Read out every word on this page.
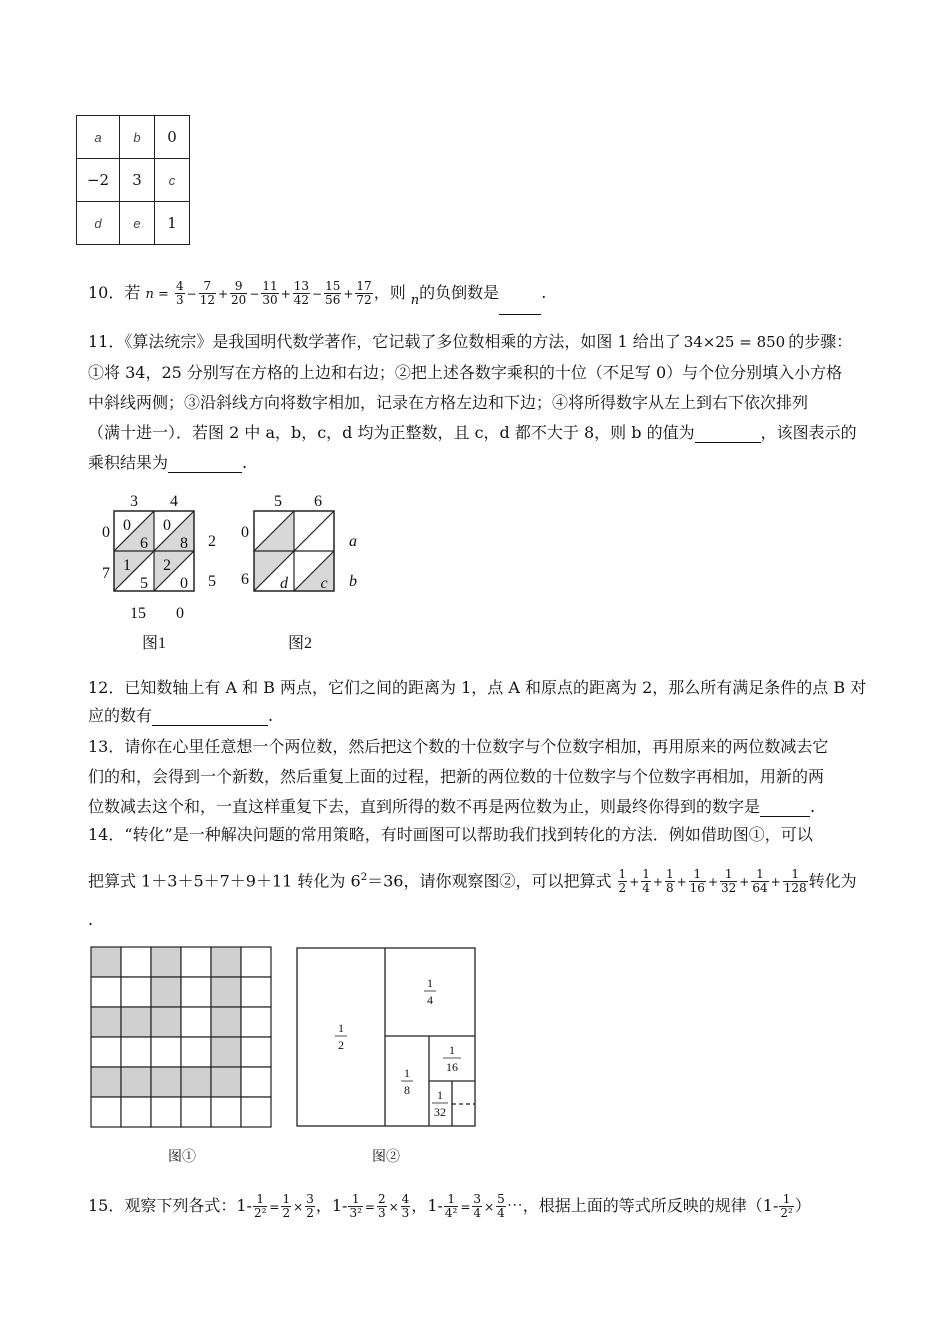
a	b	0
−2	3	c
d	e	1
10．若 $n = \frac{4}{3} - \frac{7}{12} + \frac{9}{20} - \frac{11}{30} + \frac{13}{42} - \frac{15}{56} + \frac{17}{72}$ ，则 $_n$的负倒数是	.
11．《算法统宗》是我国明代数学著作，它记载了多位数相乘的方法，如图 1 给出了 34×25 = 850 的步骤：
①将 34，25 分别写在方格的上边和右边；②把上述各数字乘积的十位（不足写 0）与个位分别填入小方格
中斜线两侧；③沿斜线方向将数字相加，记录在方格左边和下边；④将所得数字从左上到右下依次排列
（满十进一）．若图 2 中 a，b，c，d 均为正整数，且 c，d 都不大于 8，则 b 的值为	，该图表示的
乘积结果为	.
3 4
0
7
2
5
15 0
0
6
0
8
1
5
2
0
图1
5 6
0
6
a
b
d c
图2
12．已知数轴上有 A 和 B 两点，它们之间的距离为 1，点 A 和原点的距离为 2，那么所有满足条件的点 B 对
应的数有	.
13．请你在心里任意想一个两位数，然后把这个数的十位数字与个位数字相加，再用原来的两位数减去它
们的和，会得到一个新数，然后重复上面的过程，把新的两位数的十位数字与个位数字再相加，用新的两
位数减去这个和，一直这样重复下去，直到所得的数不再是两位数为止，则最终你得到的数字是	.
14．“转化”是一种解决问题的常用策略，有时画图可以帮助我们找到转化的方法．例如借助图①，可以
把算式 1＋3＋5＋7＋9＋11 转化为 $6^2=36$，请你观察图②，可以把算式 $\frac{1}{2} + \frac{1}{4} + \frac{1}{8} + \frac{1}{16} + \frac{1}{32} + \frac{1}{64} + \frac{1}{128}$ 转化为
.
图①
1
2
1
4
1
8
1
16
1
32
图②
15．观察下列各式：$1- \frac{1}{\text{2²}} = \frac{1}{2} \times \frac{3}{2}$ ，$1- \frac{1}{\text{3²}} = \frac{2}{3} \times \frac{4}{3}$ ，$1- \frac{1}{\text{4²}} = \frac{3}{4} \times \frac{5}{4}$ ⋯，根据上面的等式所反映的规律（$1- \frac{1}{\text{2²}}$ ）
